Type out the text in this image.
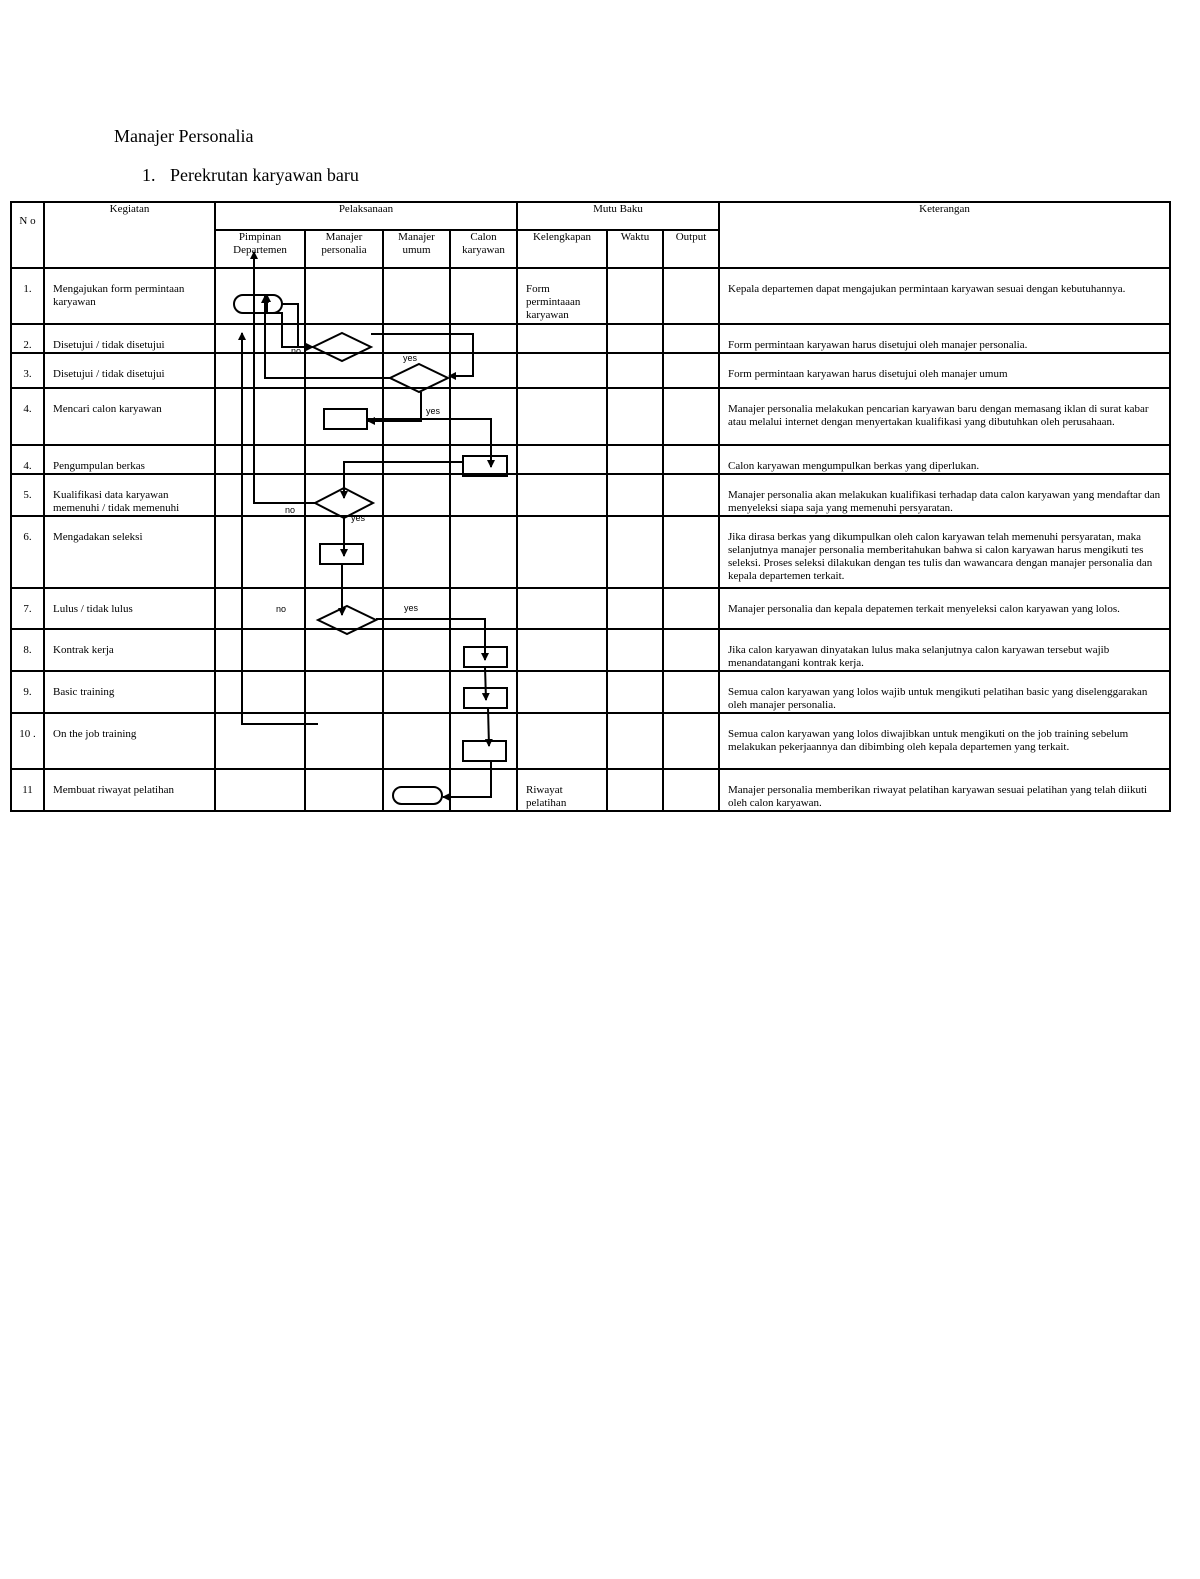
Manajer Personalia
1. Perekrutan karyawan baru
N o	Kegiatan	Pelaksanaan				Mutu Baku			Keterangan
		Pimpinan Departemen	Manajer personalia	Manajer umum	Calon karyawan	Kelengkapan	Waktu	Output	
1.	Mengajukan form permintaan karyawan					Form permintaaan karyawan			Kepala departemen dapat mengajukan permintaan karyawan sesuai dengan kebutuhannya.
2.	Disetujui / tidak disetujui								Form permintaan karyawan harus disetujui oleh manajer personalia.
3.	Disetujui / tidak disetujui								Form permintaan karyawan harus disetujui oleh manajer umum
4.	Mencari calon karyawan								Manajer personalia melakukan pencarian karyawan baru dengan memasang iklan di surat kabar atau melalui internet dengan menyertakan kualifikasi yang dibutuhkan oleh perusahaan.
4.	Pengumpulan berkas								Calon karyawan mengumpulkan berkas yang diperlukan.
5.	Kualifikasi data karyawan memenuhi / tidak memenuhi								Manajer personalia akan melakukan kualifikasi terhadap data calon karyawan yang mendaftar dan menyeleksi siapa saja yang memenuhi persyaratan.
6.	Mengadakan seleksi								Jika dirasa berkas yang dikumpulkan oleh calon karyawan telah memenuhi persyaratan, maka selanjutnya manajer personalia memberitahukan bahwa si calon karyawan harus mengikuti tes seleksi. Proses seleksi dilakukan dengan tes tulis dan wawancara dengan manajer personalia dan kepala departemen terkait.
7.	Lulus / tidak lulus								Manajer personalia dan kepala depatemen terkait menyeleksi calon karyawan yang lolos.
8.	Kontrak kerja								Jika calon karyawan dinyatakan lulus maka selanjutnya calon karyawan tersebut wajib menandatangani kontrak kerja.
9.	Basic training								Semua calon karyawan yang lolos wajib untuk mengikuti pelatihan basic yang diselenggarakan oleh manajer personalia.
10 .	On the job training								Semua calon karyawan yang lolos diwajibkan untuk mengikuti on the job training sebelum melakukan pekerjaannya dan dibimbing oleh kepala departemen yang terkait.
11	Membuat riwayat pelatihan					Riwayat pelatihan			Manajer personalia memberikan riwayat pelatihan karyawan sesuai pelatihan yang telah diikuti oleh calon karyawan.
no
yes
yes
no
yes
no	yes
